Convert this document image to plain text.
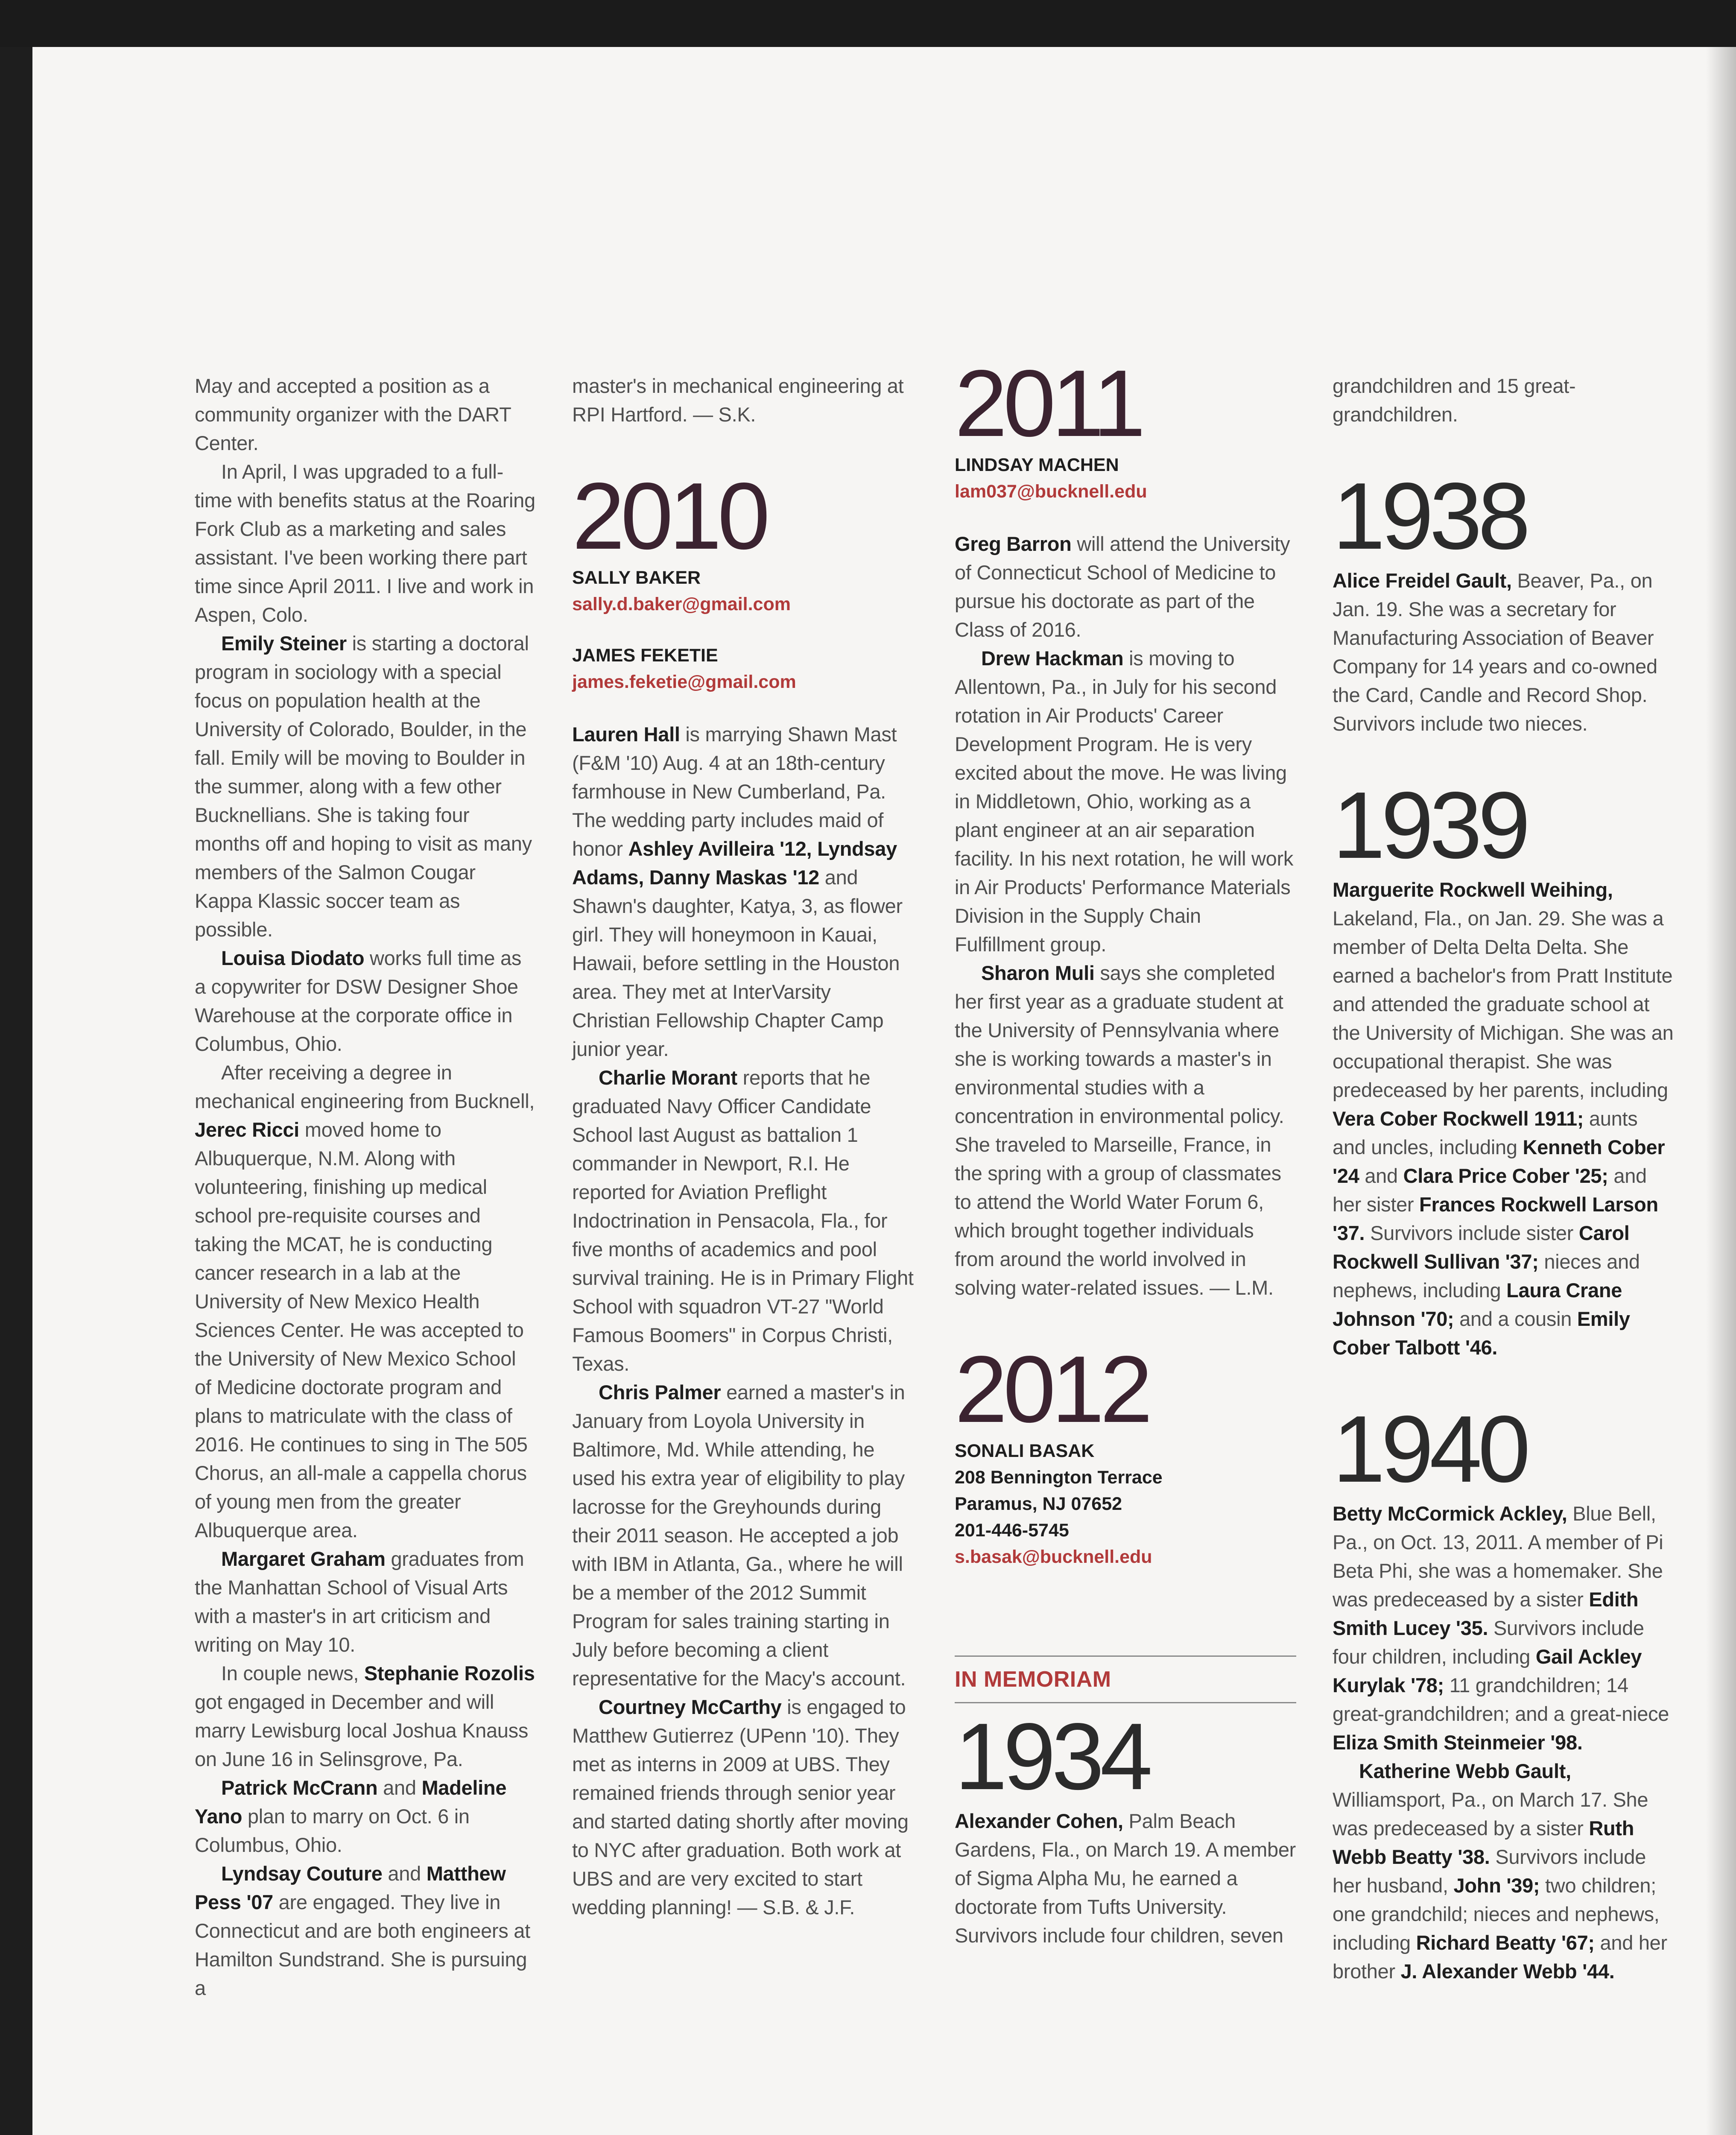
May and accepted a position as a community organizer with the DART Center.

In April, I was upgraded to a full-time with benefits status at the Roaring Fork Club as a marketing and sales assistant. I've been working there part time since April 2011. I live and work in Aspen, Colo.

Emily Steiner is starting a doctoral program in sociology with a special focus on population health at the University of Colorado, Boulder, in the fall. Emily will be moving to Boulder in the summer, along with a few other Bucknellians. She is taking four months off and hoping to visit as many members of the Salmon Cougar Kappa Klassic soccer team as possible.

Louisa Diodato works full time as a copywriter for DSW Designer Shoe Warehouse at the corporate office in Columbus, Ohio.

After receiving a degree in mechanical engineering from Bucknell, Jerec Ricci moved home to Albuquerque, N.M. Along with volunteering, finishing up medical school pre-requisite courses and taking the MCAT, he is conducting cancer research in a lab at the University of New Mexico Health Sciences Center. He was accepted to the University of New Mexico School of Medicine doctorate program and plans to matriculate with the class of 2016. He continues to sing in The 505 Chorus, an all-male a cappella chorus of young men from the greater Albuquerque area.

Margaret Graham graduates from the Manhattan School of Visual Arts with a master's in art criticism and writing on May 10.

In couple news, Stephanie Rozolis got engaged in December and will marry Lewisburg local Joshua Knauss on June 16 in Selinsgrove, Pa.

Patrick McCrann and Madeline Yano plan to marry on Oct. 6 in Columbus, Ohio.

Lyndsay Couture and Matthew Pess '07 are engaged. They live in Connecticut and are both engineers at Hamilton Sundstrand. She is pursuing a

master's in mechanical engineering at RPI Hartford. — S.K.

2010

SALLY BAKER

sally.d.baker@gmail.com

JAMES FEKETIE

james.feketie@gmail.com

Lauren Hall is marrying Shawn Mast (F&M '10) Aug. 4 at an 18th-century farmhouse in New Cumberland, Pa. The wedding party includes maid of honor Ashley Avilleira '12, Lyndsay Adams, Danny Maskas '12 and Shawn's daughter, Katya, 3, as flower girl. They will honeymoon in Kauai, Hawaii, before settling in the Houston area. They met at InterVarsity Christian Fellowship Chapter Camp junior year.

Charlie Morant reports that he graduated Navy Officer Candidate School last August as battalion 1 commander in Newport, R.I. He reported for Aviation Preflight Indoctrination in Pensacola, Fla., for five months of academics and pool survival training. He is in Primary Flight School with squadron VT-27 "World Famous Boomers" in Corpus Christi, Texas.

Chris Palmer earned a master's in January from Loyola University in Baltimore, Md. While attending, he used his extra year of eligibility to play lacrosse for the Greyhounds during their 2011 season. He accepted a job with IBM in Atlanta, Ga., where he will be a member of the 2012 Summit Program for sales training starting in July before becoming a client representative for the Macy's account.

Courtney McCarthy is engaged to Matthew Gutierrez (UPenn '10). They met as interns in 2009 at UBS. They remained friends through senior year and started dating shortly after moving to NYC after graduation. Both work at UBS and are very excited to start wedding planning! — S.B. & J.F.

2011

LINDSAY MACHEN

lam037@bucknell.edu

Greg Barron will attend the University of Connecticut School of Medicine to pursue his doctorate as part of the Class of 2016.

Drew Hackman is moving to Allentown, Pa., in July for his second rotation in Air Products' Career Development Program. He is very excited about the move. He was living in Middletown, Ohio, working as a plant engineer at an air separation facility. In his next rotation, he will work in Air Products' Performance Materials Division in the Supply Chain Fulfillment group.

Sharon Muli says she completed her first year as a graduate student at the University of Pennsylvania where she is working towards a master's in environmental studies with a concentration in environmental policy. She traveled to Marseille, France, in the spring with a group of classmates to attend the World Water Forum 6, which brought together individuals from around the world involved in solving water-related issues. — L.M.

2012

SONALI BASAK

208 Bennington Terrace

Paramus, NJ 07652

201-446-5745

s.basak@bucknell.edu

IN MEMORIAM

1934

Alexander Cohen, Palm Beach Gardens, Fla., on March 19. A member of Sigma Alpha Mu, he earned a doctorate from Tufts University. Survivors include four children, seven

grandchildren and 15 great-grandchildren.

1938

Alice Freidel Gault, Beaver, Pa., on Jan. 19. She was a secretary for Manufacturing Association of Beaver Company for 14 years and co-owned the Card, Candle and Record Shop. Survivors include two nieces.

1939

Marguerite Rockwell Weihing, Lakeland, Fla., on Jan. 29. She was a member of Delta Delta Delta. She earned a bachelor's from Pratt Institute and attended the graduate school at the University of Michigan. She was an occupational therapist. She was predeceased by her parents, including Vera Cober Rockwell 1911; aunts and uncles, including Kenneth Cober '24 and Clara Price Cober '25; and her sister Frances Rockwell Larson '37. Survivors include sister Carol Rockwell Sullivan '37; nieces and nephews, including Laura Crane Johnson '70; and a cousin Emily Cober Talbott '46.

1940

Betty McCormick Ackley, Blue Bell, Pa., on Oct. 13, 2011. A member of Pi Beta Phi, she was a homemaker. She was predeceased by a sister Edith Smith Lucey '35. Survivors include four children, including Gail Ackley Kurylak '78; 11 grandchildren; 14 great-grandchildren; and a great-niece Eliza Smith Steinmeier '98.

Katherine Webb Gault, Williamsport, Pa., on March 17. She was predeceased by a sister Ruth Webb Beatty '38. Survivors include her husband, John '39; two children; one grandchild; nieces and nephews, including Richard Beatty '67; and her brother J. Alexander Webb '44.
